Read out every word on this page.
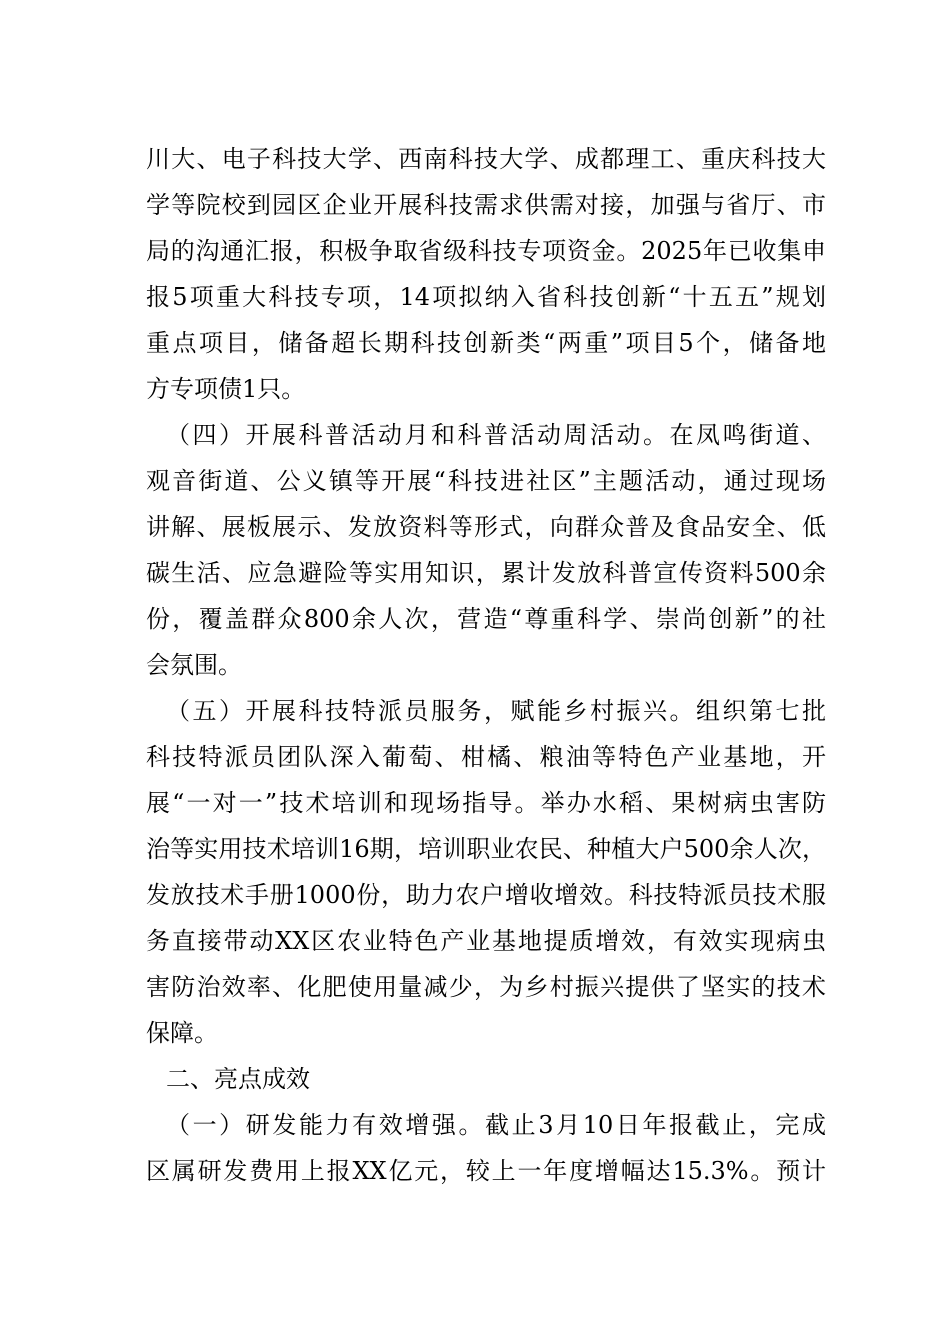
川大、电子科技大学、西南科技大学、成都理工、重庆科技大
学等院校到园区企业开展科技需求供需对接，加强与省厅、市
局的沟通汇报，积极争取省级科技专项资金。2025年已收集申
报5项重大科技专项，14项拟纳入省科技创新“十五五”规划
重点项目，储备超长期科技创新类“两重”项目5个，储备地
方专项债1只。
（四）开展科普活动月和科普活动周活动。在凤鸣街道、
观音街道、公义镇等开展“科技进社区”主题活动，通过现场
讲解、展板展示、发放资料等形式，向群众普及食品安全、低
碳生活、应急避险等实用知识，累计发放科普宣传资料500余
份，覆盖群众800余人次，营造“尊重科学、崇尚创新”的社
会氛围。
（五）开展科技特派员服务，赋能乡村振兴。组织第七批
科技特派员团队深入葡萄、柑橘、粮油等特色产业基地，开
展“一对一”技术培训和现场指导。举办水稻、果树病虫害防
治等实用技术培训16期，培训职业农民、种植大户500余人次，
发放技术手册1000份，助力农户增收增效。科技特派员技术服
务直接带动XX区农业特色产业基地提质增效，有效实现病虫
害防治效率、化肥使用量减少，为乡村振兴提供了坚实的技术
保障。
二、亮点成效
（一）研发能力有效增强。截止3月10日年报截止，完成
区属研发费用上报XX亿元，较上一年度增幅达15.3%。预计
